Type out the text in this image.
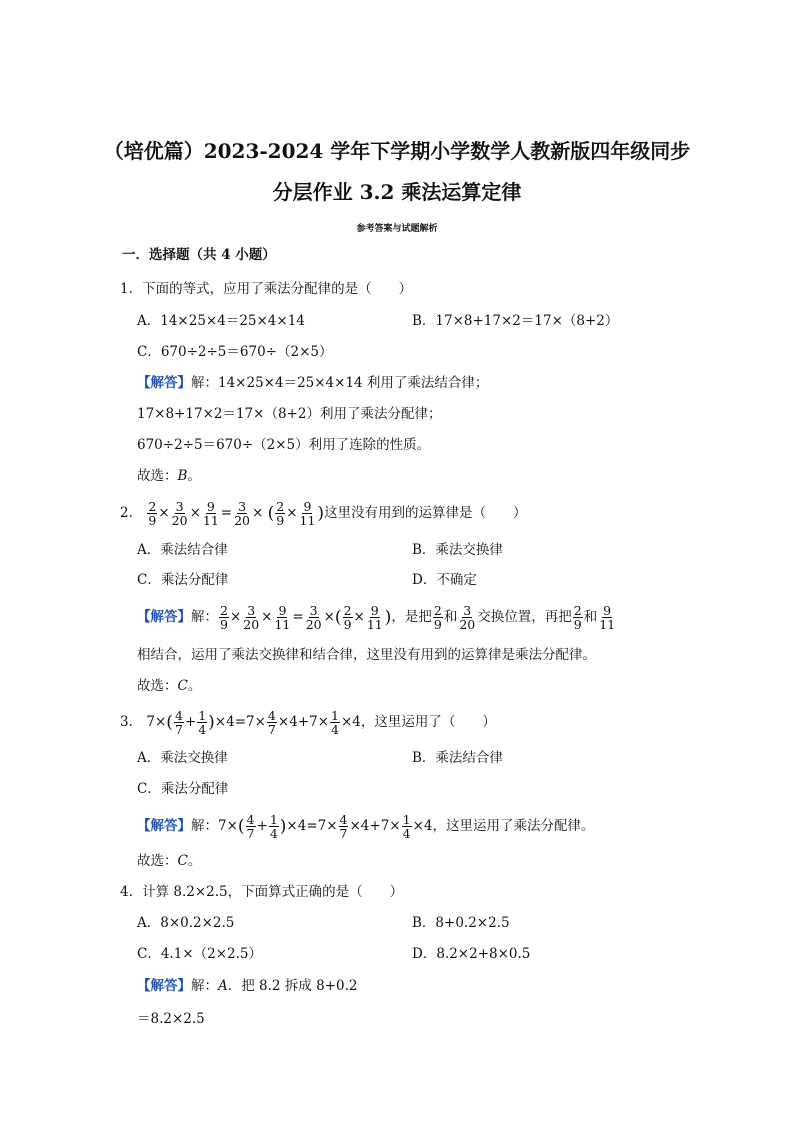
（培优篇）2023-2024 学年下学期小学数学人教新版四年级同步
分层作业 3.2 乘法运算定律
参考答案与试题解析
一．选择题（共 4 小题）
1．下面的等式，应用了乘法分配律的是（　　）
A．14×25×4＝25×4×14	B．17×8+17×2＝17×（8+2）
C．670÷2÷5＝670÷（2×5）
【解答】解：14×25×4＝25×4×14 利用了乘法结合律；
17×8+17×2＝17×（8+2）利用了乘法分配律；
670÷2÷5＝670÷（2×5）利用了连除的性质。
故选：B。
2． $\frac{2}{9} \times \frac{3}{20} \times \frac{9}{11} = \frac{3}{20}$ × ( $\frac{2}{9} \times \frac{9}{11}$ )这里没有用到的运算律是（　　）
A．乘法结合律	B．乘法交换律
C．乘法分配律	D．不确定
【解答】解： $\frac{2}{9} \times \frac{3}{20} \times \frac{9}{11} = \frac{3}{20}$ ×( $\frac{2}{9} \times \frac{9}{11}$ )，是把 $\frac{2}{9}$ 和 $\frac{3}{20}$ 交换位置，再把 $\frac{2}{9}$ 和 $\frac{9}{11}$
相结合，运用了乘法交换律和结合律，这里没有用到的运算律是乘法分配律。
故选：C。
3． $7\times( \frac{4}{7} + \frac{1}{4} )\times 4=7\times \frac{4}{7} \times 4+7\times \frac{1}{4} \times 4$，这里运用了（　　）
A．乘法交换律	B．乘法结合律
C．乘法分配律
【解答】解：$7\times( \frac{4}{7} + \frac{1}{4} )\times 4=7\times \frac{4}{7} \times 4+7\times \frac{1}{4} \times 4$，这里运用了乘法分配律。
故选：C。
4．计算 8.2×2.5，下面算式正确的是（　　）
A．8×0.2×2.5	B．8+0.2×2.5
C．4.1×（2×2.5）	D．8.2×2+8×0.5
【解答】解：A．把 8.2 拆成 8+0.2
＝8.2×2.5
